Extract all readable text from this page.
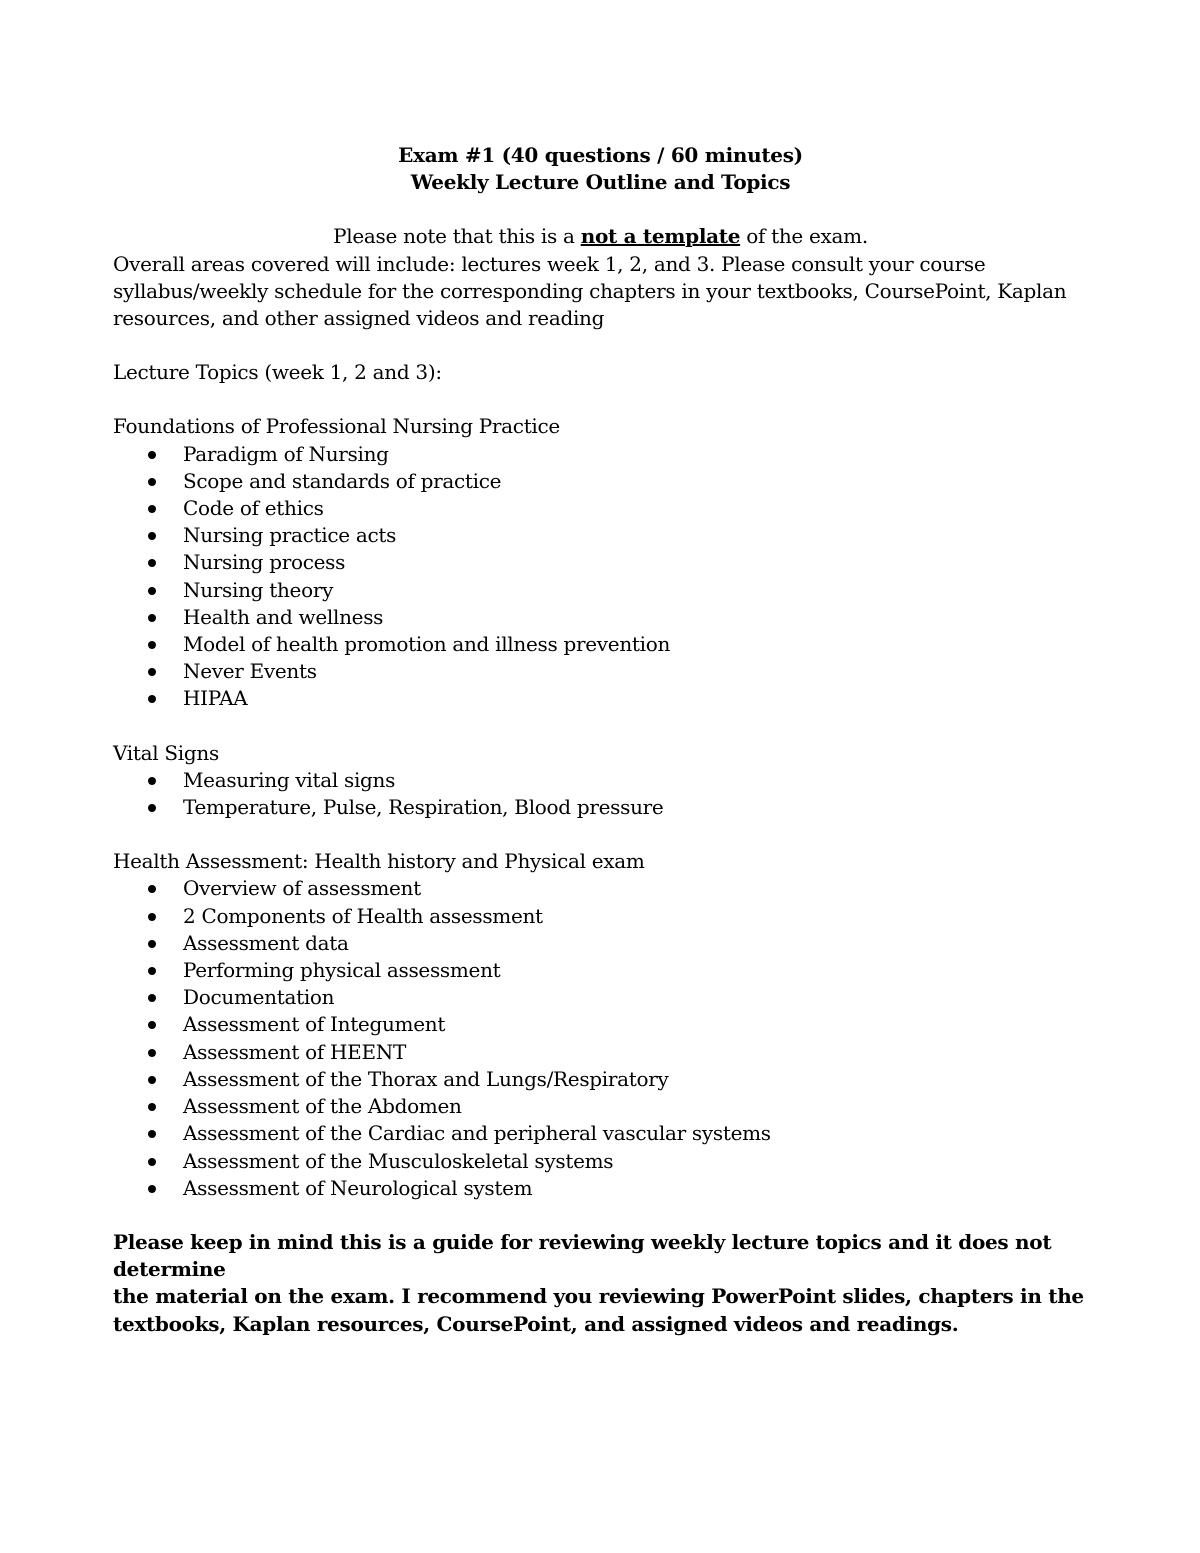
Exam #1 (40 questions / 60 minutes)
Weekly Lecture Outline and Topics
Please note that this is a not a template of the exam.
Overall areas covered will include: lectures week 1, 2, and 3. Please consult your course
syllabus/weekly schedule for the corresponding chapters in your textbooks, CoursePoint, Kaplan
resources, and other assigned videos and reading
Lecture Topics (week 1, 2 and 3):
Foundations of Professional Nursing Practice
Paradigm of Nursing
Scope and standards of practice
Code of ethics
Nursing practice acts
Nursing process
Nursing theory
Health and wellness
Model of health promotion and illness prevention
Never Events
HIPAA
Vital Signs
Measuring vital signs
Temperature, Pulse, Respiration, Blood pressure
Health Assessment: Health history and Physical exam
Overview of assessment
2 Components of Health assessment
Assessment data
Performing physical assessment
Documentation
Assessment of Integument
Assessment of HEENT
Assessment of the Thorax and Lungs/Respiratory
Assessment of the Abdomen
Assessment of the Cardiac and peripheral vascular systems
Assessment of the Musculoskeletal systems
Assessment of Neurological system
Please keep in mind this is a guide for reviewing weekly lecture topics and it does not determine
the material on the exam. I recommend you reviewing PowerPoint slides, chapters in the
textbooks, Kaplan resources, CoursePoint, and assigned videos and readings.
